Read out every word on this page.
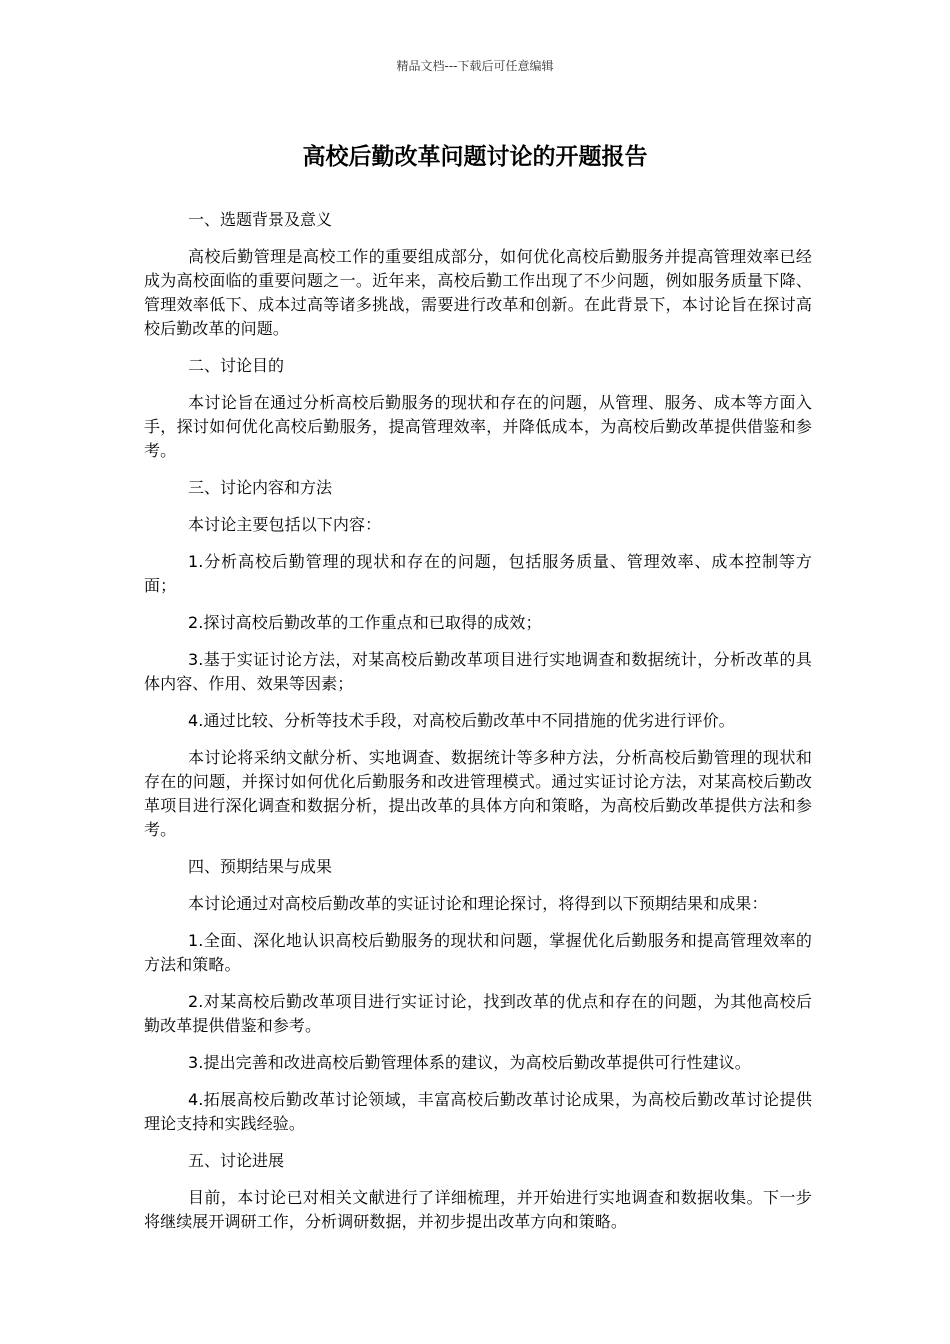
精品文档---下载后可任意编辑
高校后勤改革问题讨论的开题报告

一、选题背景及意义

高校后勤管理是高校工作的重要组成部分，如何优化高校后勤服务并提高管理效率已经成为高校面临的重要问题之一。近年来，高校后勤工作出现了不少问题，例如服务质量下降、管理效率低下、成本过高等诸多挑战，需要进行改革和创新。在此背景下，本讨论旨在探讨高校后勤改革的问题。

二、讨论目的

本讨论旨在通过分析高校后勤服务的现状和存在的问题，从管理、服务、成本等方面入手，探讨如何优化高校后勤服务，提高管理效率，并降低成本，为高校后勤改革提供借鉴和参考。

三、讨论内容和方法

本讨论主要包括以下内容：

1.分析高校后勤管理的现状和存在的问题，包括服务质量、管理效率、成本控制等方面；

2.探讨高校后勤改革的工作重点和已取得的成效；

3.基于实证讨论方法，对某高校后勤改革项目进行实地调查和数据统计，分析改革的具体内容、作用、效果等因素；

4.通过比较、分析等技术手段，对高校后勤改革中不同措施的优劣进行评价。

本讨论将采纳文献分析、实地调查、数据统计等多种方法，分析高校后勤管理的现状和存在的问题，并探讨如何优化后勤服务和改进管理模式。通过实证讨论方法，对某高校后勤改革项目进行深化调查和数据分析，提出改革的具体方向和策略，为高校后勤改革提供方法和参考。

四、预期结果与成果

本讨论通过对高校后勤改革的实证讨论和理论探讨，将得到以下预期结果和成果：

1.全面、深化地认识高校后勤服务的现状和问题，掌握优化后勤服务和提高管理效率的方法和策略。

2.对某高校后勤改革项目进行实证讨论，找到改革的优点和存在的问题，为其他高校后勤改革提供借鉴和参考。

3.提出完善和改进高校后勤管理体系的建议，为高校后勤改革提供可行性建议。

4.拓展高校后勤改革讨论领域，丰富高校后勤改革讨论成果，为高校后勤改革讨论提供理论支持和实践经验。

五、讨论进展

目前，本讨论已对相关文献进行了详细梳理，并开始进行实地调查和数据收集。下一步将继续展开调研工作，分析调研数据，并初步提出改革方向和策略。
